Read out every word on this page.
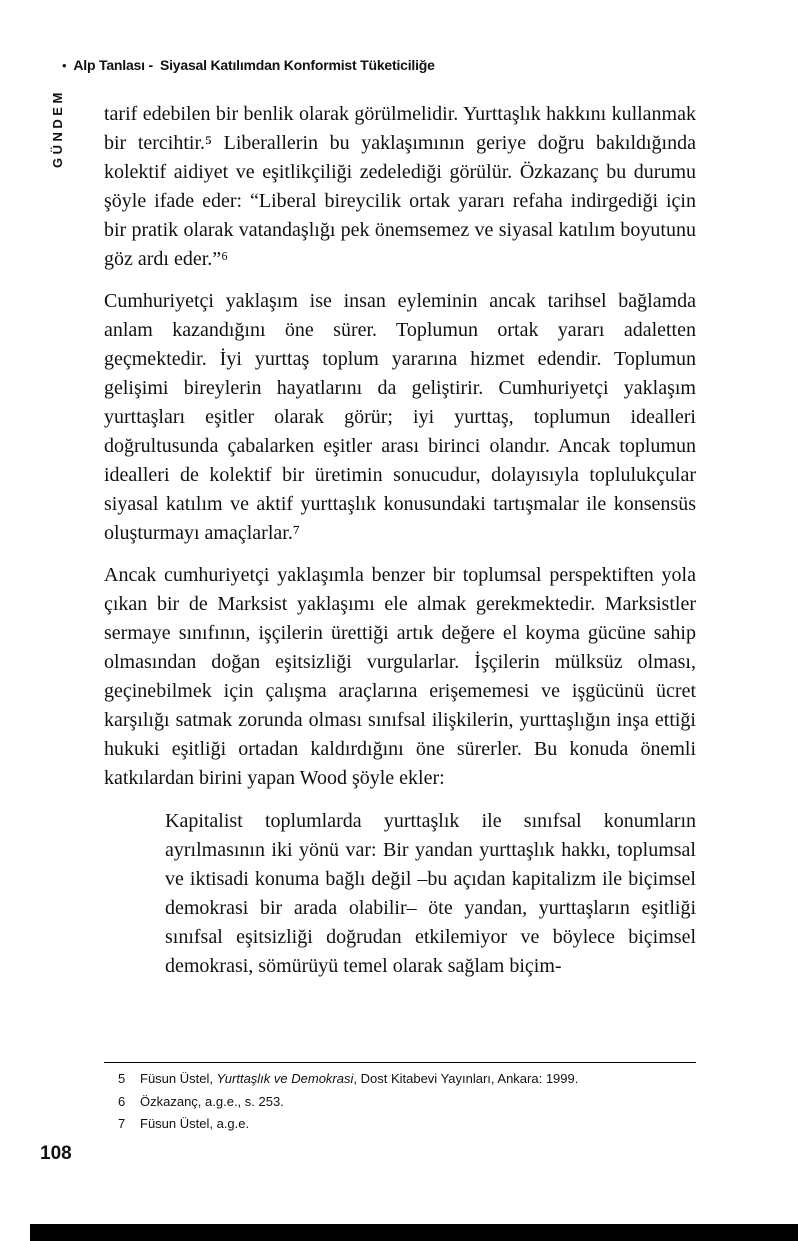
• Alp Tanlası - Siyasal Katılımdan Konformist Tüketiciliğe
GÜNDEM tarif edebilen bir benlik olarak görülmelidir. Yurttaşlık hakkını kullanmak bir tercihtir.⁵ Liberallerin bu yaklaşımının geriye doğru bakıldığında kolektif aidiyet ve eşitlikçiliği zedelediği görülür. Özkazanç bu durumu şöyle ifade eder: “Liberal bireycilik ortak yararı refaha indirgediği için bir pratik olarak vatandaşlığı pek önemsemez ve siyasal katılım boyutunu göz ardı eder.”⁶

Cumhuriyetçi yaklaşım ise insan eyleminin ancak tarihsel bağlamda anlam kazandığını öne sürer. Toplumun ortak yararı adaletten geçmektedir. İyi yurttaş toplum yararına hizmet edendir. Toplumun gelişimi bireylerin hayatlarını da geliştirir. Cumhuriyetçi yaklaşım yurttaşları eşitler olarak görür; iyi yurttaş, toplumun idealleri doğrultusunda çabalarken eşitler arası birinci olandır. Ancak toplumun idealleri de kolektif bir üretimin sonucudur, dolayısıyla toplulukçular siyasal katılım ve aktif yurttaşlık konusundaki tartışmalar ile konsensüs oluşturmayı amaçlarlar.⁷

Ancak cumhuriyetçi yaklaşımla benzer bir toplumsal perspektiften yola çıkan bir de Marksist yaklaşımı ele almak gerekmektedir. Marksistler sermaye sınıfının, işçilerin ürettiği artık değere el koyma gücüne sahip olmasından doğan eşitsizliği vurgularlar. İşçilerin mülksüz olması, geçinebilmek için çalışma araçlarına erişememesi ve işgücünü ücret karşılığı satmak zorunda olması sınıfsal ilişkilerin, yurttaşlığın inşa ettiği hukuki eşitliği ortadan kaldırdığını öne sürerler. Bu konuda önemli katkılardan birini yapan Wood şöyle ekler:

Kapitalist toplumlarda yurttaşlık ile sınıfsal konumların ayrılmasının iki yönü var: Bir yandan yurttaşlık hakkı, toplumsal ve iktisadi konuma bağlı değil –bu açıdan kapitalizm ile biçimsel demokrasi bir arada olabilir– öte yandan, yurttaşların eşitliği sınıfsal eşitsizliği doğrudan etkilemiyor ve böylece biçimsel demokrasi, sömürüyü temel olarak sağlam biçim-
5	Füsun Üstel, Yurttaşlık ve Demokrasi, Dost Kitabevi Yayınları, Ankara: 1999.
6	Özkazanç, a.g.e., s. 253.
7	Füsun Üstel, a.g.e.
108
